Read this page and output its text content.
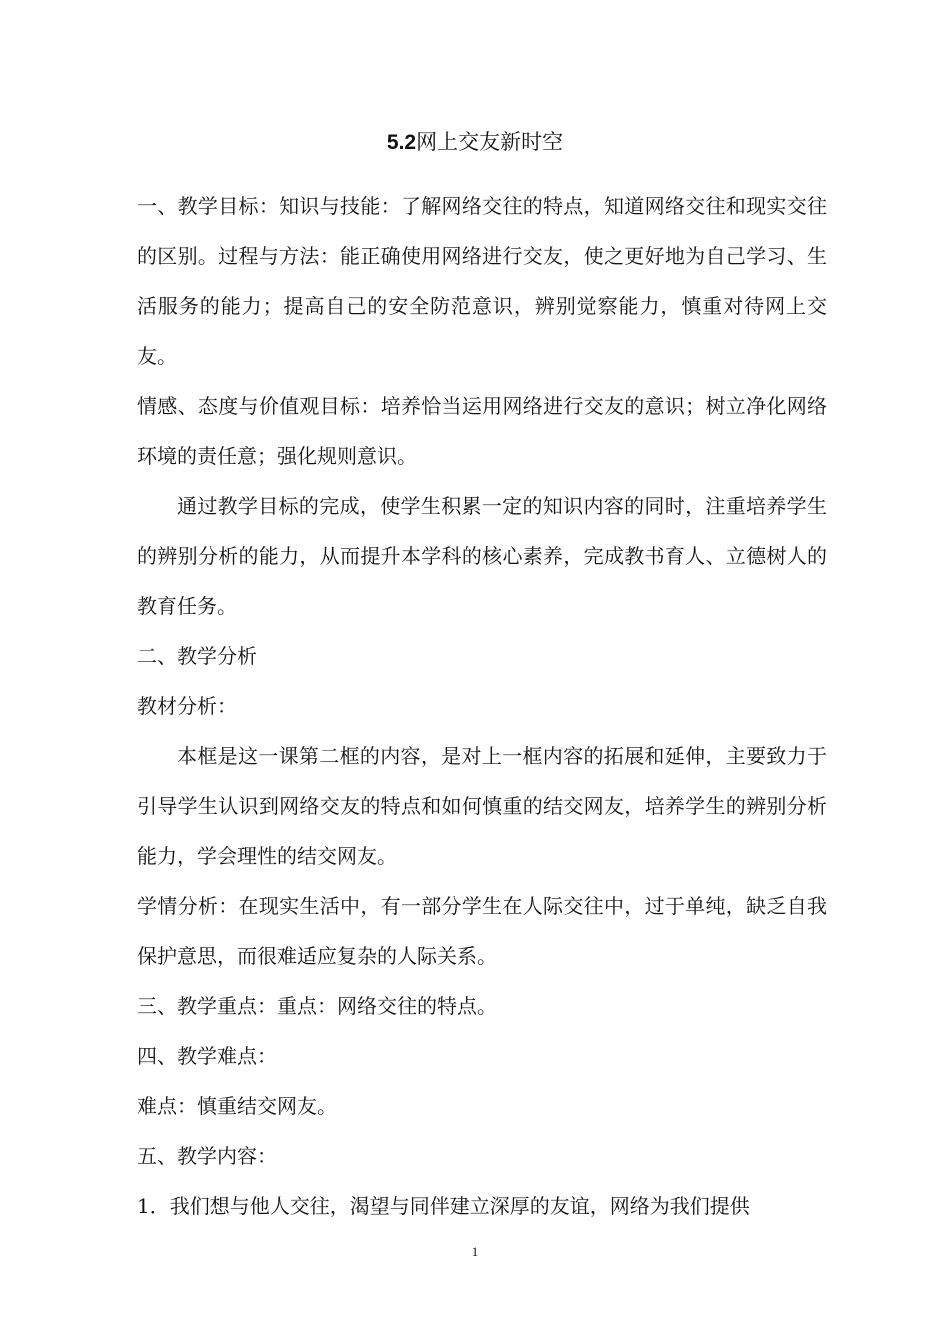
5.2网上交友新时空

一、教学目标：知识与技能：了解网络交往的特点，知道网络交往和现实交往的区别。过程与方法：能正确使用网络进行交友，使之更好地为自己学习、生活服务的能力；提高自己的安全防范意识，辨别觉察能力，慎重对待网上交友。

情感、态度与价值观目标：培养恰当运用网络进行交友的意识；树立净化网络环境的责任意；强化规则意识。

通过教学目标的完成，使学生积累一定的知识内容的同时，注重培养学生的辨别分析的能力，从而提升本学科的核心素养，完成教书育人、立德树人的教育任务。

二、教学分析

教材分析：

本框是这一课第二框的内容，是对上一框内容的拓展和延伸，主要致力于引导学生认识到网络交友的特点和如何慎重的结交网友，培养学生的辨别分析能力，学会理性的结交网友。

学情分析：在现实生活中，有一部分学生在人际交往中，过于单纯，缺乏自我保护意思，而很难适应复杂的人际关系。

三、教学重点：重点：网络交往的特点。

四、教学难点：

难点：慎重结交网友。

五、教学内容：

1．我们想与他人交往，渴望与同伴建立深厚的友谊，网络为我们提供

1
